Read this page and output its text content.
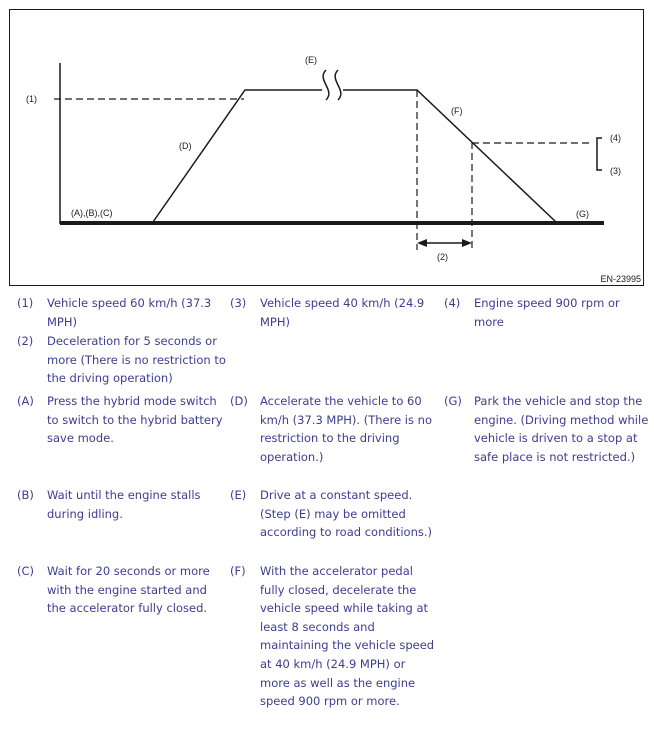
(1)
(A),(B),(C)
(D)
(E)
(F)
(4)
(3)
(G)
(2)
EN-23995
(1) Vehicle speed 60 km/h (37.3 MPH)
(3) Vehicle speed 40 km/h (24.9 MPH)
(4) Engine speed 900 rpm or more
(2) Deceleration for 5 seconds or more (There is no restriction to the driving operation)
(A) Press the hybrid mode switch to switch to the hybrid battery save mode.
(D) Accelerate the vehicle to 60 km/h (37.3 MPH). (There is no restriction to the driving operation.)
(G) Park the vehicle and stop the engine. (Driving method while vehicle is driven to a stop at safe place is not restricted.)
(B) Wait until the engine stalls during idling.
(E) Drive at a constant speed. (Step (E) may be omitted according to road conditions.)
(C) Wait for 20 seconds or more with the engine started and the accelerator fully closed.
(F) With the accelerator pedal fully closed, decelerate the vehicle speed while taking at least 8 seconds and maintaining the vehicle speed at 40 km/h (24.9 MPH) or more as well as the engine speed 900 rpm or more.
